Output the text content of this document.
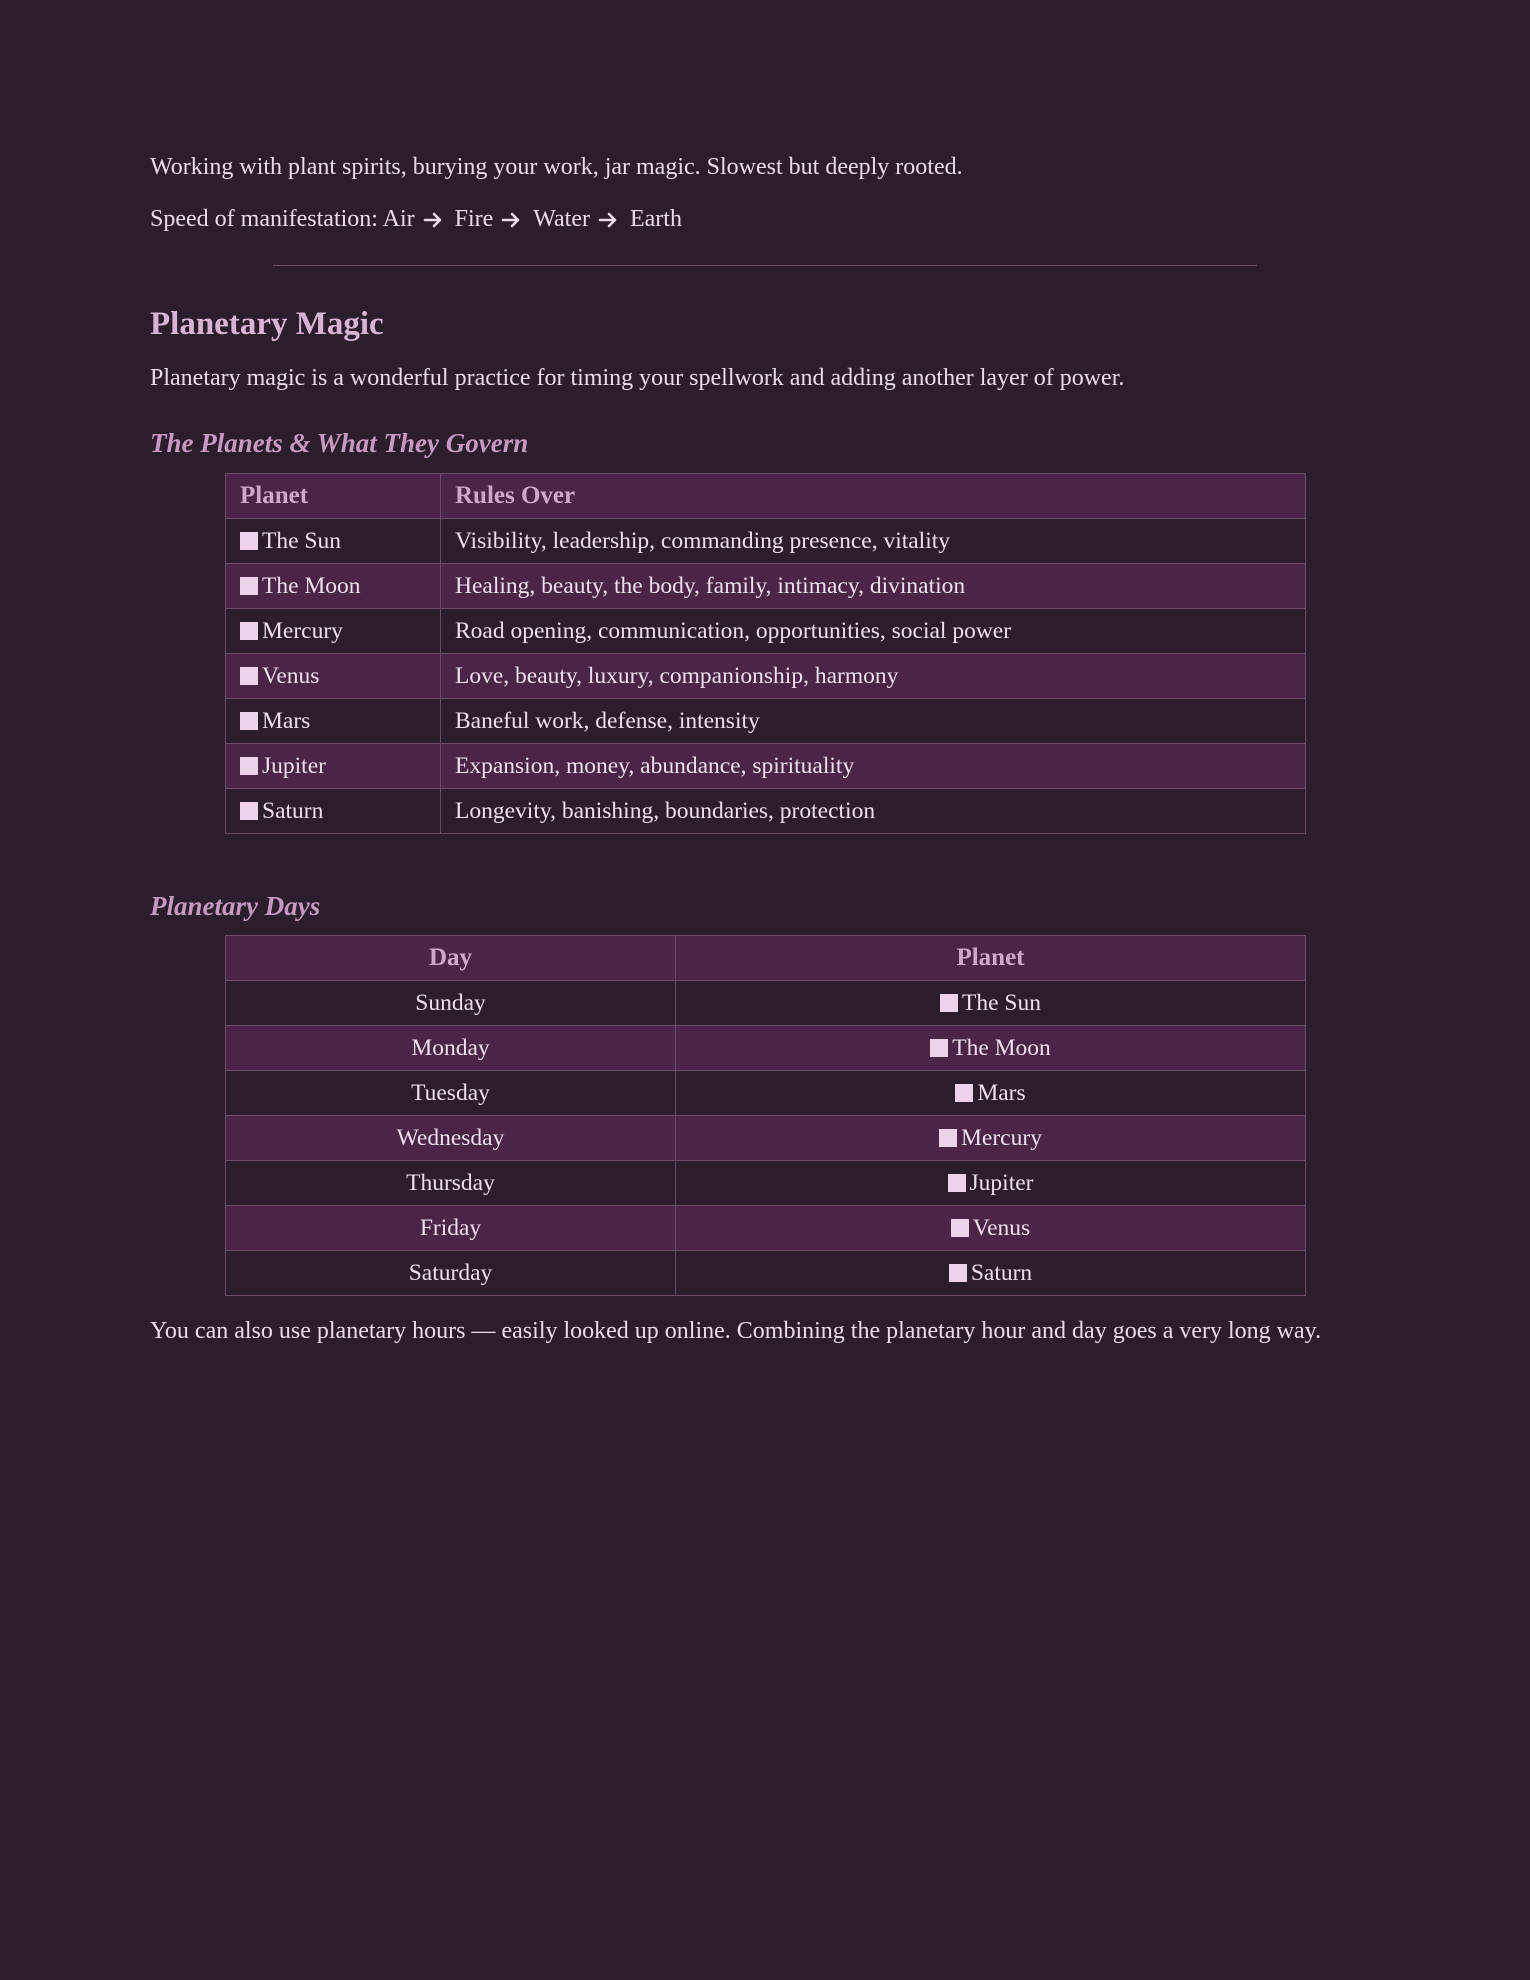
Working with plant spirits, burying your work, jar magic. Slowest but deeply rooted.

Speed of manifestation: Air Fire Water Earth

Planetary Magic

Planetary magic is a wonderful practice for timing your spellwork and adding another layer of power.

The Planets & What They Govern
Planet	Rules Over
The Sun	Visibility, leadership, commanding presence, vitality
The Moon	Healing, beauty, the body, family, intimacy, divination
Mercury	Road opening, communication, opportunities, social power
Venus	Love, beauty, luxury, companionship, harmony
Mars	Baneful work, defense, intensity
Jupiter	Expansion, money, abundance, spirituality
Saturn	Longevity, banishing, boundaries, protection
Planetary Days
Day	Planet
Sunday	The Sun
Monday	The Moon
Tuesday	Mars
Wednesday	Mercury
Thursday	Jupiter
Friday	Venus
Saturday	Saturn

You can also use planetary hours — easily looked up online. Combining the planetary hour and day goes a very long way.
